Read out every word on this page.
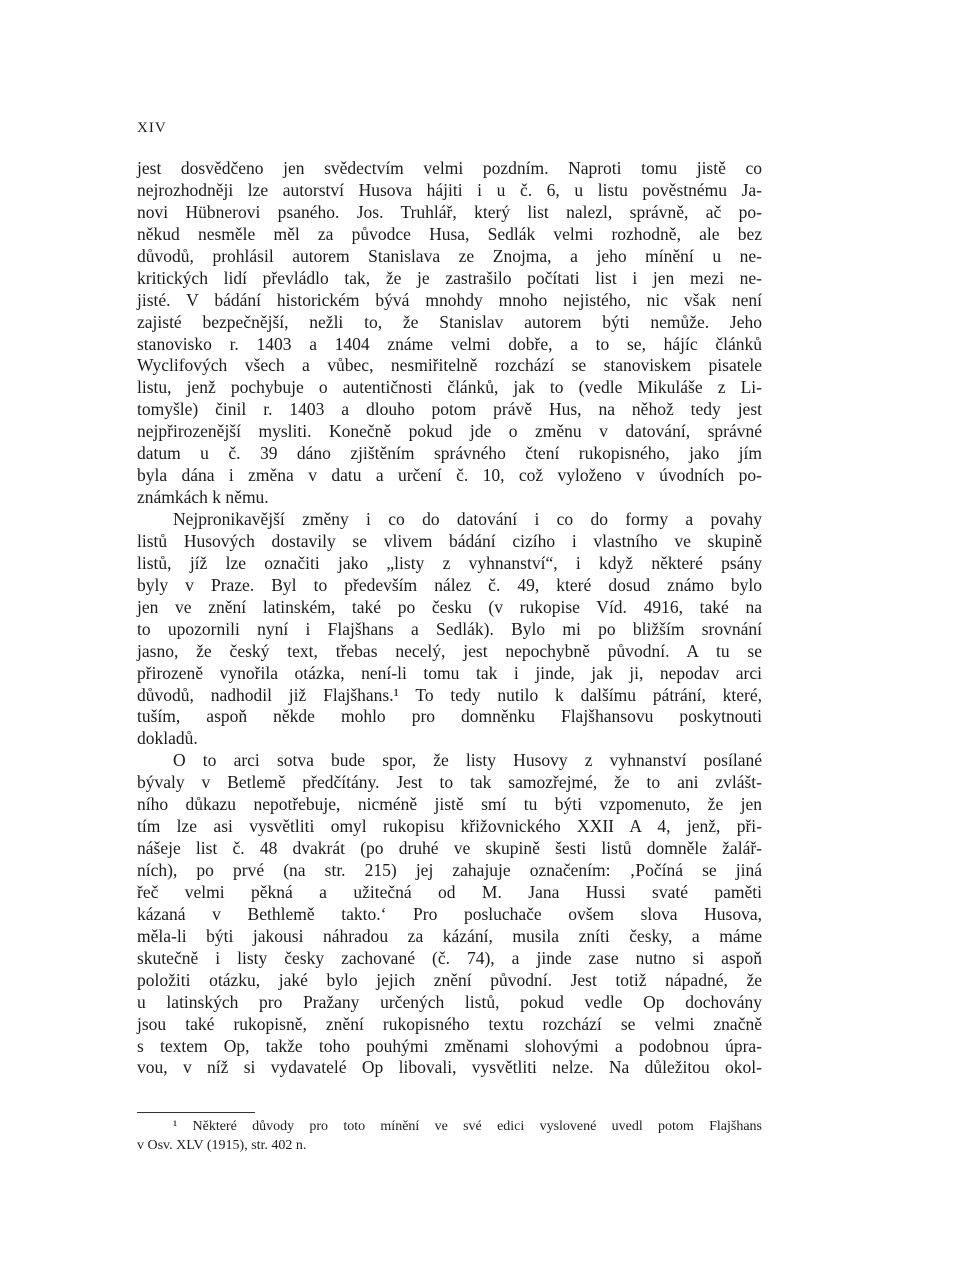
XIV
jest dosvědčeno jen svědectvím velmi pozdním. Naproti tomu jistě co
nejrozhodněji lze autorství Husova hájiti i u č. 6, u listu pověstnému Ja-
novi Hübnerovi psaného. Jos. Truhlář, který list nalezl, správně, ač po-
někud nesměle měl za původce Husa, Sedlák velmi rozhodně, ale bez
důvodů, prohlásil autorem Stanislava ze Znojma, a jeho mínění u ne-
kritických lidí převládlo tak, že je zastrašilo počítati list i jen mezi ne-
jisté. V bádání historickém bývá mnohdy mnoho nejistého, nic však není
zajisté bezpečnější, nežli to, že Stanislav autorem býti nemůže. Jeho
stanovisko r. 1403 a 1404 známe velmi dobře, a to se, hájíc článků
Wyclifových všech a vůbec, nesmiřitelně rozchází se stanoviskem pisatele
listu, jenž pochybuje o autentičnosti článků, jak to (vedle Mikuláše z Li-
tomyšle) činil r. 1403 a dlouho potom právě Hus, na něhož tedy jest
nejpřirozenější mysliti. Konečně pokud jde o změnu v datování, správné
datum u č. 39 dáno zjištěním správného čtení rukopisného, jako jím
byla dána i změna v datu a určení č. 10, což vyloženo v úvodních po-
známkách k němu.
Nejpronikavější změny i co do datování i co do formy a povahy
listů Husových dostavily se vlivem bádání cizího i vlastního ve skupině
listů, jíž lze označiti jako „listy z vyhnanství“, i když některé psány
byly v Praze. Byl to především nález č. 49, které dosud známo bylo
jen ve znění latinském, také po česku (v rukopise Víd. 4916, také na
to upozornili nyní i Flajšhans a Sedlák). Bylo mi po bližším srovnání
jasno, že český text, třebas necelý, jest nepochybně původní. A tu se
přirozeně vynořila otázka, není-li tomu tak i jinde, jak ji, nepodav arci
důvodů, nadhodil již Flajšhans.¹ To tedy nutilo k dalšímu pátrání, které,
tuším, aspoň někde mohlo pro domněnku Flajšhansovu poskytnouti
dokladů.
O to arci sotva bude spor, že listy Husovy z vyhnanství posílané
bývaly v Betlemě předčítány. Jest to tak samozřejmé, že to ani zvlášt-
ního důkazu nepotřebuje, nicméně jistě smí tu býti vzpomenuto, že jen
tím lze asi vysvětliti omyl rukopisu křižovnického XXII A 4, jenž, při-
nášeje list č. 48 dvakrát (po druhé ve skupině šesti listů domněle žalář-
ních), po prvé (na str. 215) jej zahajuje označením: ‚Počíná se jiná
řeč velmi pěkná a užitečná od M. Jana Hussi svaté paměti
kázaná v Bethlemě takto.‘ Pro posluchače ovšem slova Husova,
měla-li býti jakousi náhradou za kázání, musila zníti česky, a máme
skutečně i listy česky zachované (č. 74), a jinde zase nutno si aspoň
položiti otázku, jaké bylo jejich znění původní. Jest totiž nápadné, že
u latinských pro Pražany určených listů, pokud vedle Op dochovány
jsou také rukopisně, znění rukopisného textu rozchází se velmi značně
s textem Op, takže toho pouhými změnami slohovými a podobnou úpra-
vou, v níž si vydavatelé Op libovali, vysvětliti nelze. Na důležitou okol-
¹ Některé důvody pro toto mínění ve své edici vyslovené uvedl potom Flajšhans
v Osv. XLV (1915), str. 402 n.
